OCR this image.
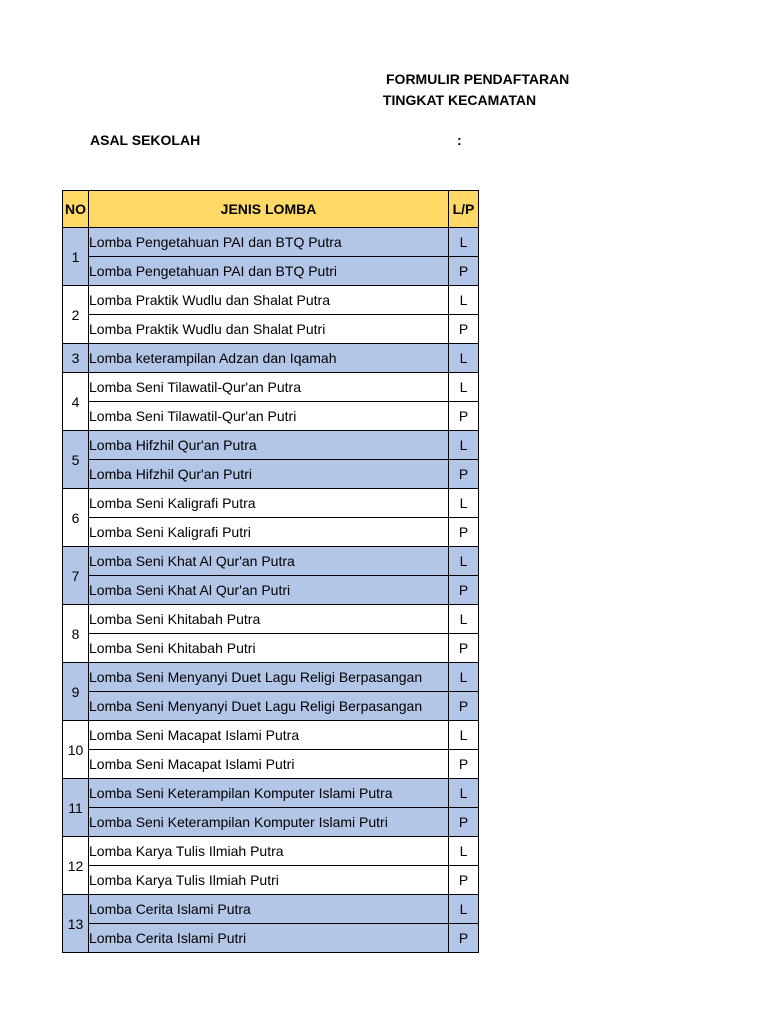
FORMULIR PENDAFTARAN
TINGKAT KECAMATAN
ASAL SEKOLAH	:
NO	JENIS LOMBA	L/P
1	Lomba Pengetahuan PAI dan BTQ Putra	L
	Lomba Pengetahuan PAI dan BTQ Putri	P
2	Lomba Praktik Wudlu dan Shalat Putra	L
	Lomba Praktik Wudlu dan Shalat Putri	P
3	Lomba keterampilan Adzan dan Iqamah	L
4	Lomba Seni Tilawatil-Qur'an Putra	L
	Lomba Seni Tilawatil-Qur'an Putri	P
5	Lomba Hifzhil Qur'an Putra	L
	Lomba Hifzhil Qur'an Putri	P
6	Lomba Seni Kaligrafi Putra	L
	Lomba Seni Kaligrafi Putri	P
7	Lomba Seni Khat Al Qur'an Putra	L
	Lomba Seni Khat Al Qur'an Putri	P
8	Lomba Seni Khitabah Putra	L
	Lomba Seni Khitabah Putri	P
9	Lomba Seni Menyanyi Duet Lagu Religi Berpasangan	L
	Lomba Seni Menyanyi Duet Lagu Religi Berpasangan	P
10	Lomba Seni Macapat Islami Putra	L
	Lomba Seni Macapat Islami Putri	P
11	Lomba Seni Keterampilan Komputer Islami Putra	L
	Lomba Seni Keterampilan Komputer Islami Putri	P
12	Lomba Karya Tulis Ilmiah Putra	L
	Lomba Karya Tulis Ilmiah Putri	P
13	Lomba Cerita Islami Putra	L
	Lomba Cerita Islami Putri	P
